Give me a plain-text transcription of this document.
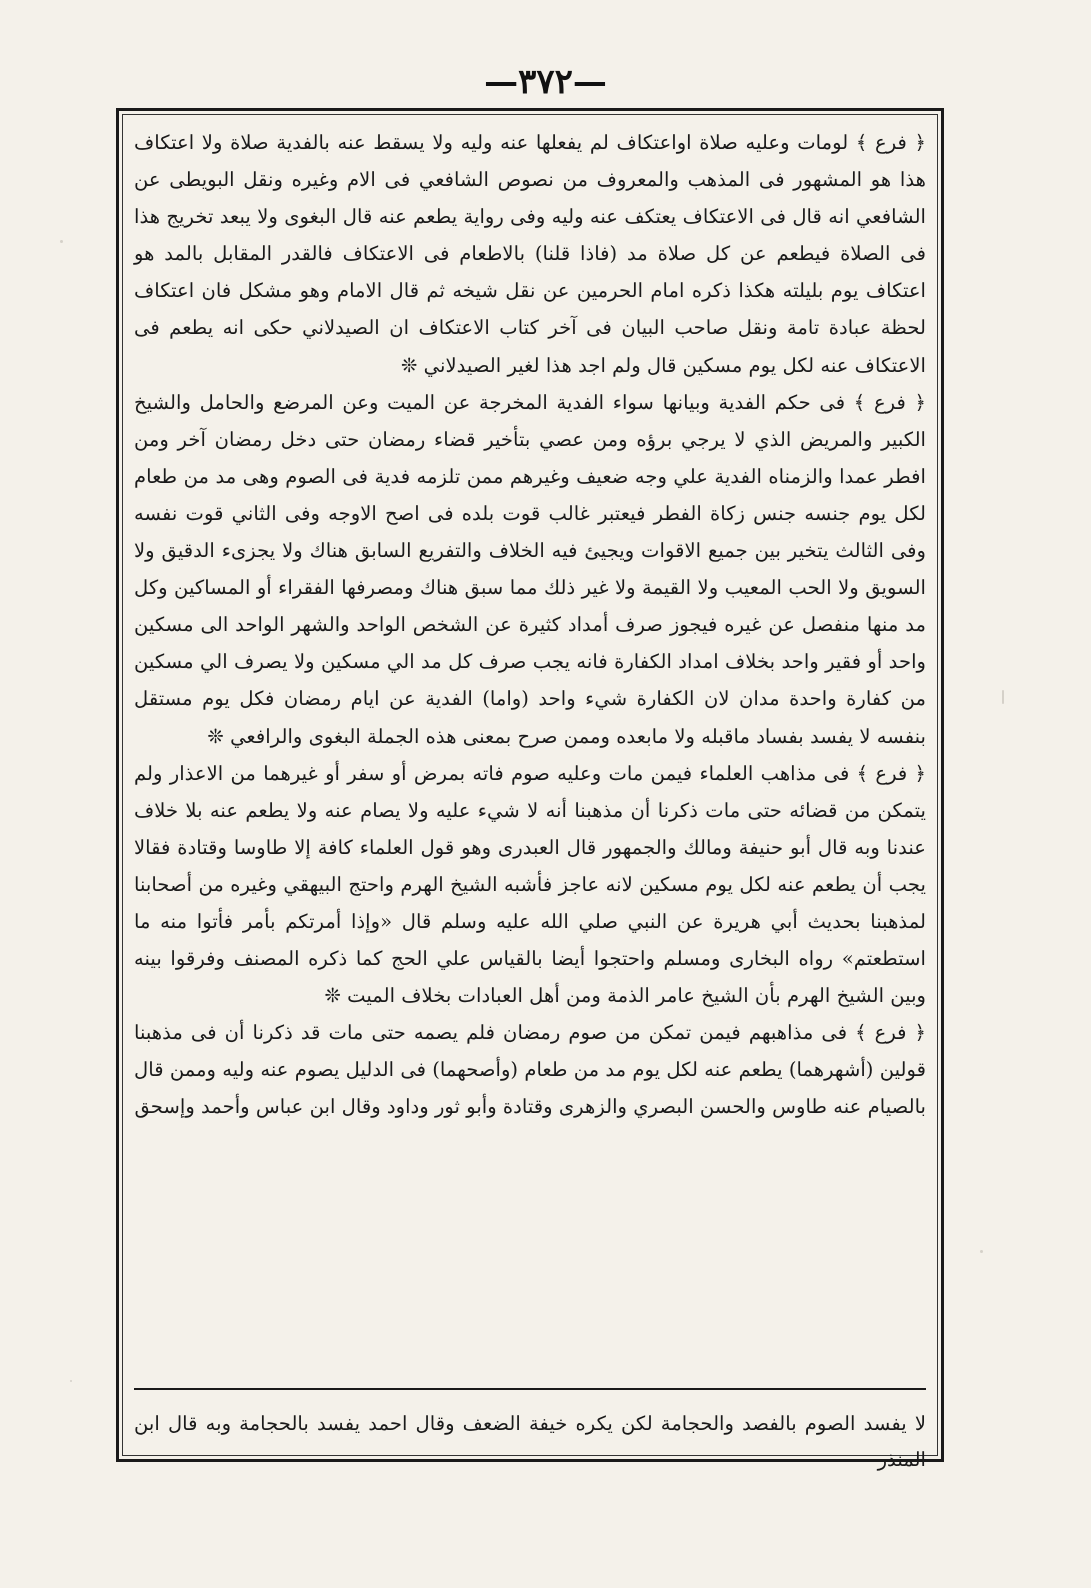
—٣٧٢—

﴿ فرع ﴾ لومات وعليه صلاة اواعتكاف لم يفعلها عنه وليه ولا يسقط عنه بالفدية صلاة ولا اعتكاف هذا هو المشهور فى المذهب والمعروف من نصوص الشافعي فى الام وغيره ونقل البويطى عن الشافعي انه قال فى الاعتكاف يعتكف عنه وليه وفى رواية يطعم عنه قال البغوى ولا يبعد تخريج هذا فى الصلاة فيطعم عن كل صلاة مد (فاذا قلنا) بالاطعام فى الاعتكاف فالقدر المقابل بالمد هو اعتكاف يوم بليلته هكذا ذكره امام الحرمين عن نقل شيخه ثم قال الامام وهو مشكل فان اعتكاف لحظة عبادة تامة ونقل صاحب البيان فى آخر كتاب الاعتكاف ان الصيدلاني حكى انه يطعم فى الاعتكاف عنه لكل يوم مسكين قال ولم اجد هذا لغير الصيدلاني ❊

﴿ فرع ﴾ فى حكم الفدية وبيانها سواء الفدية المخرجة عن الميت وعن المرضع والحامل والشيخ الكبير والمريض الذي لا يرجي برؤه ومن عصي بتأخير قضاء رمضان حتى دخل رمضان آخر ومن افطر عمدا والزمناه الفدية علي وجه ضعيف وغيرهم ممن تلزمه فدية فى الصوم وهى مد من طعام لكل يوم جنسه جنس زكاة الفطر فيعتبر غالب قوت بلده فى اصح الاوجه وفى الثاني قوت نفسه وفى الثالث يتخير بين جميع الاقوات ويجيئ فيه الخلاف والتفريع السابق هناك ولا يجزىء الدقيق ولا السويق ولا الحب المعيب ولا القيمة ولا غير ذلك مما سبق هناك ومصرفها الفقراء أو المساكين وكل مد منها منفصل عن غيره فيجوز صرف أمداد كثيرة عن الشخص الواحد والشهر الواحد الى مسكين واحد أو فقير واحد بخلاف امداد الكفارة فانه يجب صرف كل مد الي مسكين ولا يصرف الي مسكين من كفارة واحدة مدان لان الكفارة شيء واحد (واما) الفدية عن ايام رمضان فكل يوم مستقل بنفسه لا يفسد بفساد ماقبله ولا مابعده وممن صرح بمعنى هذه الجملة البغوى والرافعي ❊

﴿ فرع ﴾ فى مذاهب العلماء فيمن مات وعليه صوم فاته بمرض أو سفر أو غيرهما من الاعذار ولم يتمكن من قضائه حتى مات ذكرنا أن مذهبنا أنه لا شيء عليه ولا يصام عنه ولا يطعم عنه بلا خلاف عندنا وبه قال أبو حنيفة ومالك والجمهور قال العبدرى وهو قول العلماء كافة إلا طاوسا وقتادة فقالا يجب أن يطعم عنه لكل يوم مسكين لانه عاجز فأشبه الشيخ الهرم واحتج البيهقي وغيره من أصحابنا لمذهبنا بحديث أبي هريرة عن النبي صلي الله عليه وسلم قال «وإذا أمرتكم بأمر فأتوا منه ما استطعتم» رواه البخارى ومسلم واحتجوا أيضا بالقياس علي الحج كما ذكره المصنف وفرقوا بينه وبين الشيخ الهرم بأن الشيخ عامر الذمة ومن أهل العبادات بخلاف الميت ❊

﴿ فرع ﴾ فى مذاهبهم فيمن تمكن من صوم رمضان فلم يصمه حتى مات قد ذكرنا أن فى مذهبنا قولين (أشهرهما) يطعم عنه لكل يوم مد من طعام (وأصحهما) فى الدليل يصوم عنه وليه وممن قال بالصيام عنه طاوس والحسن البصري والزهرى وقتادة وأبو ثور وداود وقال ابن عباس وأحمد وإسحق

لا يفسد الصوم بالفصد والحجامة لكن يكره خيفة الضعف وقال احمد يفسد بالحجامة وبه قال ابن المنذر
